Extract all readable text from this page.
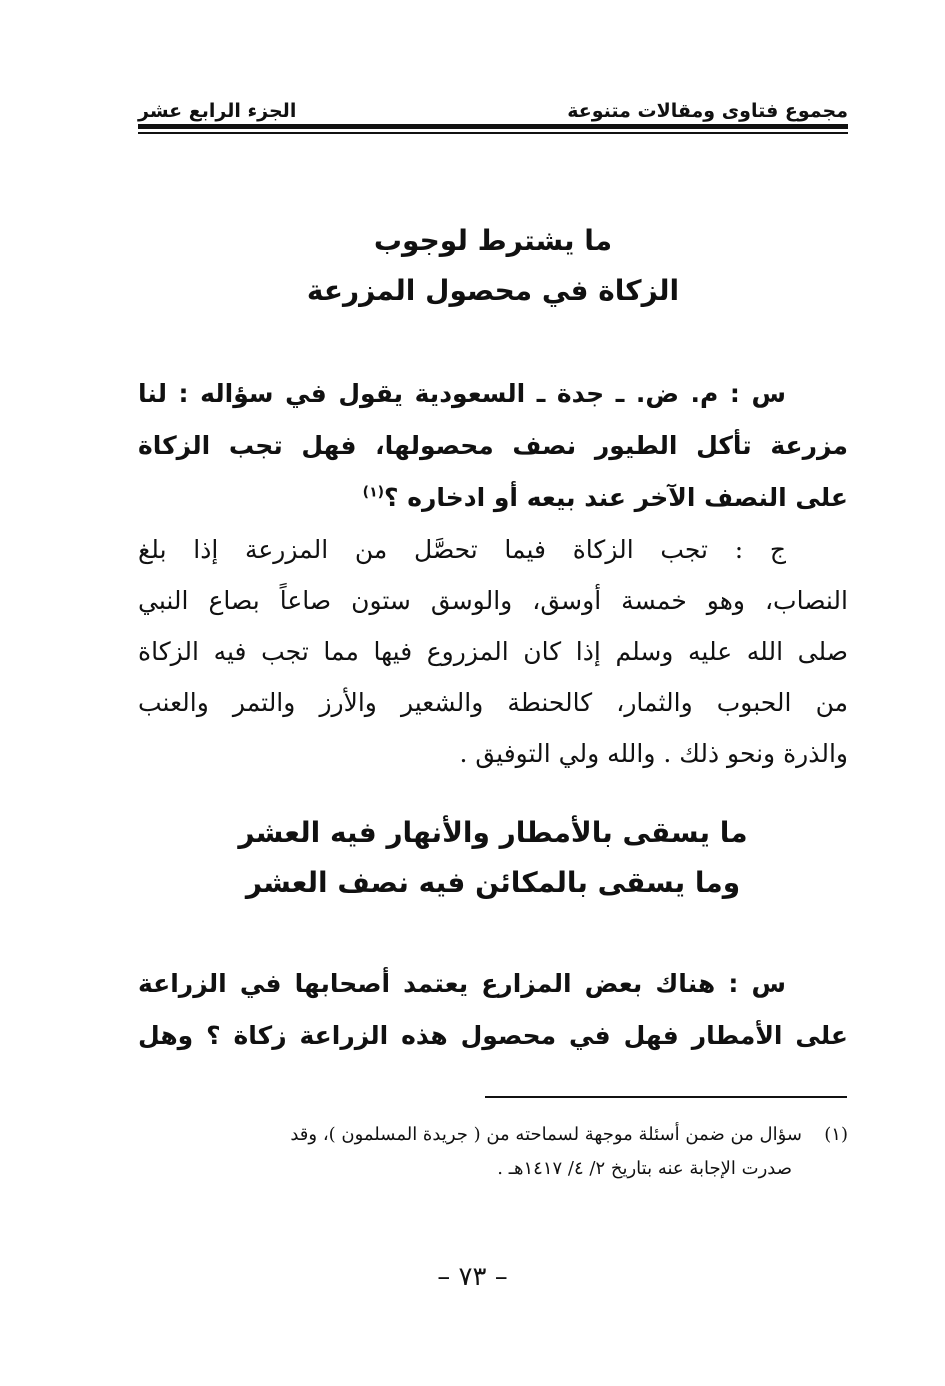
مجموع فتاوى ومقالات متنوعة
الجزء الرابع عشر
ما يشترط لوجوب
الزكاة في محصول المزرعة
س : م. ض. ـ جدة ـ السعودية يقول في سؤاله : لنا
مزرعة تأكل الطيور نصف محصولها، فهل تجب الزكاة
على النصف الآخر عند بيعه أو ادخاره ؟$^{(١)}$
ج : تجب الزكاة فيما تحصَّل من المزرعة إذا بلغ
النصاب، وهو خمسة أوسق، والوسق ستون صاعاً بصاع النبي
صلى الله عليه وسلم إذا كان المزروع فيها مما تجب فيه الزكاة
من الحبوب والثمار، كالحنطة والشعير والأرز والتمر والعنب
والذرة ونحو ذلك . والله ولي التوفيق .
ما يسقى بالأمطار والأنهار فيه العشر
وما يسقى بالمكائن فيه نصف العشر
س : هناك بعض المزارع يعتمد أصحابها في الزراعة
على الأمطار فهل في محصول هذه الزراعة زكاة ؟ وهل
(١)سؤال من ضمن أسئلة موجهة لسماحته من ( جريدة المسلمون )، وقد
صدرت الإجابة عنه بتاريخ ٢/ ٤/ ١٤١٧هـ .
– ٧٣ –
